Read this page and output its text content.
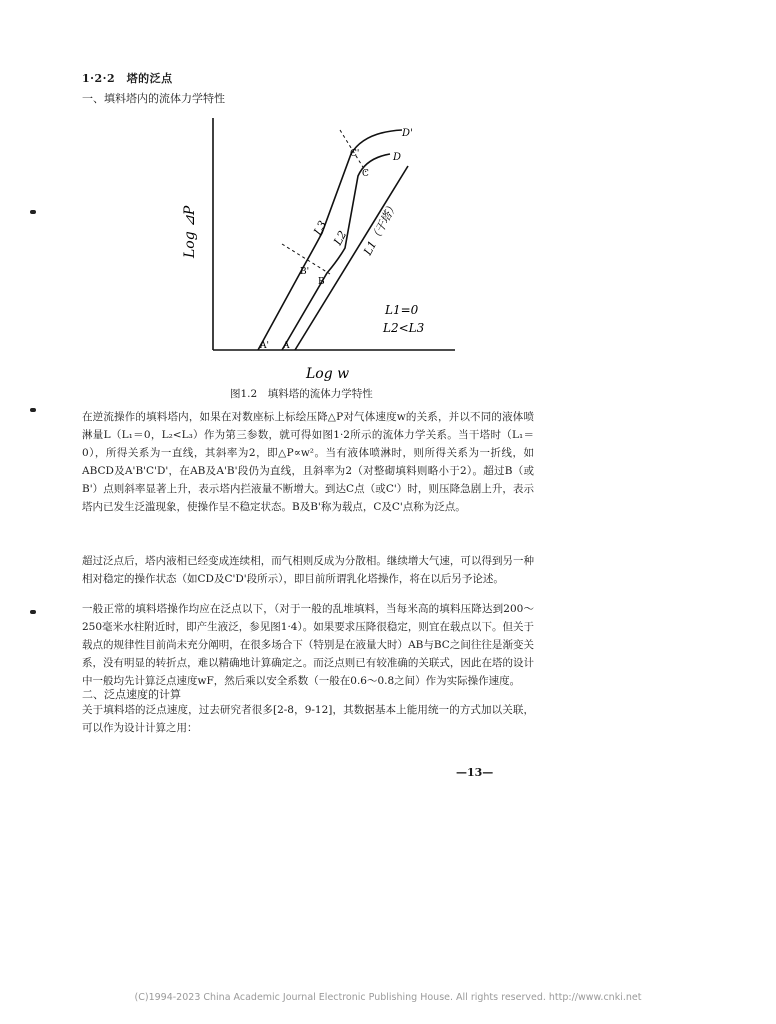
1·2·2　塔的泛点
一、填料塔内的流体力学特性
Log ⊿P
Log w
A' A
B'
B
C'
C
D'
D
L3
L2 L1（干塔）
L1=0
L2<L3
图1.2　填料塔的流体力学特性

在逆流操作的填料塔内，如果在对数座标上标绘压降△P对气体速度w的关系，并以不同的液体喷淋量L（L₁＝0，L₂<L₃）作为第三参数，就可得如图1·2所示的流体力学关系。当干塔时（L₁＝0），所得关系为一直线，其斜率为2，即△P∝w²。当有液体喷淋时，则所得关系为一折线，如ABCD及A'B'C'D'，在AB及A'B'段仍为直线，且斜率为2（对整砌填料则略小于2）。超过B（或B'）点则斜率显著上升，表示塔内拦液量不断增大。到达C点（或C'）时，则压降急剧上升，表示塔内已发生泛滥现象，使操作呈不稳定状态。B及B'称为载点，C及C'点称为泛点。

超过泛点后，塔内液相已经变成连续相，而气相则反成为分散相。继续增大气速，可以得到另一种相对稳定的操作状态（如CD及C'D'段所示），即目前所谓乳化塔操作，将在以后另予论述。

一般正常的填料塔操作均应在泛点以下，（对于一般的乱堆填料，当每米高的填料压降达到200～250毫米水柱附近时，即产生液泛，参见图1·4）。如果要求压降很稳定，则宜在载点以下。但关于载点的规律性目前尚未充分阐明，在很多场合下（特别是在液量大时）AB与BC之间往往是渐变关系，没有明显的转折点，难以精确地计算确定之。而泛点则已有较准确的关联式，因此在塔的设计中一般均先计算泛点速度wF，然后乘以安全系数（一般在0.6～0.8之间）作为实际操作速度。

二、泛点速度的计算

关于填料塔的泛点速度，过去研究者很多[2-8，9-12]，其数据基本上能用统一的方式加以关联，可以作为设计计算之用：

—13—
(C)1994-2023 China Academic Journal Electronic Publishing House. All rights reserved. http://www.cnki.net
